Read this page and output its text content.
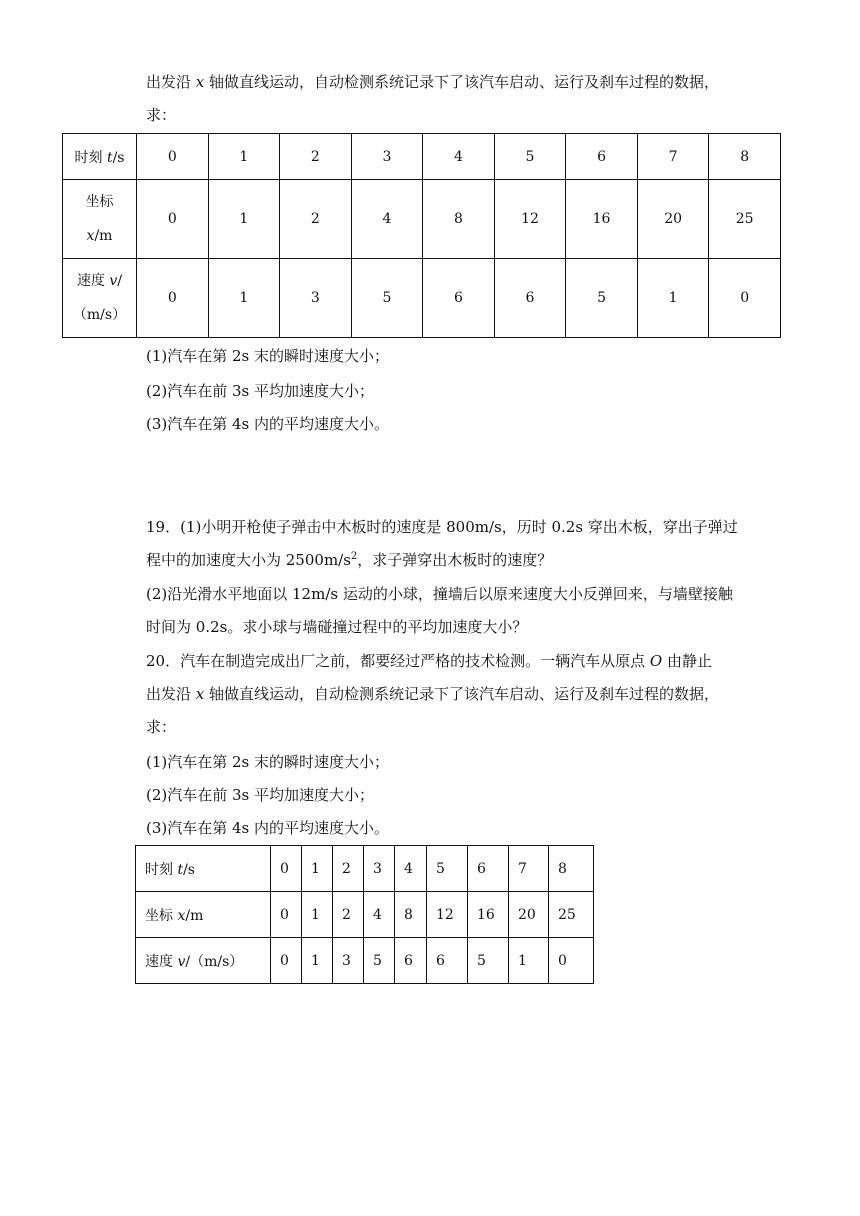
出发沿 x 轴做直线运动，自动检测系统记录下了该汽车启动、运行及刹车过程的数据，
求：
时刻 t/s	0	1	2	3	4	5	6	7	8

坐标
x/m	0	1	2	4	8	12	16	20	25

速度 v/
（m/s）	0	1	3	5	6	6	5	1	0
(1)汽车在第 2s 末的瞬时速度大小；
(2)汽车在前 3s 平均加速度大小；
(3)汽车在第 4s 内的平均速度大小。
19．(1)小明开枪使子弹击中木板时的速度是 800m/s，历时 0.2s 穿出木板，穿出子弹过
程中的加速度大小为 $2500m/s^2$，求子弹穿出木板时的速度？
(2)沿光滑水平地面以 12m/s 运动的小球，撞墙后以原来速度大小反弹回来，与墙壁接触
时间为 0.2s。求小球与墙碰撞过程中的平均加速度大小？
20．汽车在制造完成出厂之前，都要经过严格的技术检测。一辆汽车从原点 O 由静止
出发沿 x 轴做直线运动，自动检测系统记录下了该汽车启动、运行及刹车过程的数据，
求：
(1)汽车在第 2s 末的瞬时速度大小；
(2)汽车在前 3s 平均加速度大小；
(3)汽车在第 4s 内的平均速度大小。
时刻 t/s	0	1	2	3	4	5	6	7	8
坐标 x/m	0	1	2	4	8	12	16	20	25
速度 v/（m/s）	0	1	3	5	6	6	5	1	0
